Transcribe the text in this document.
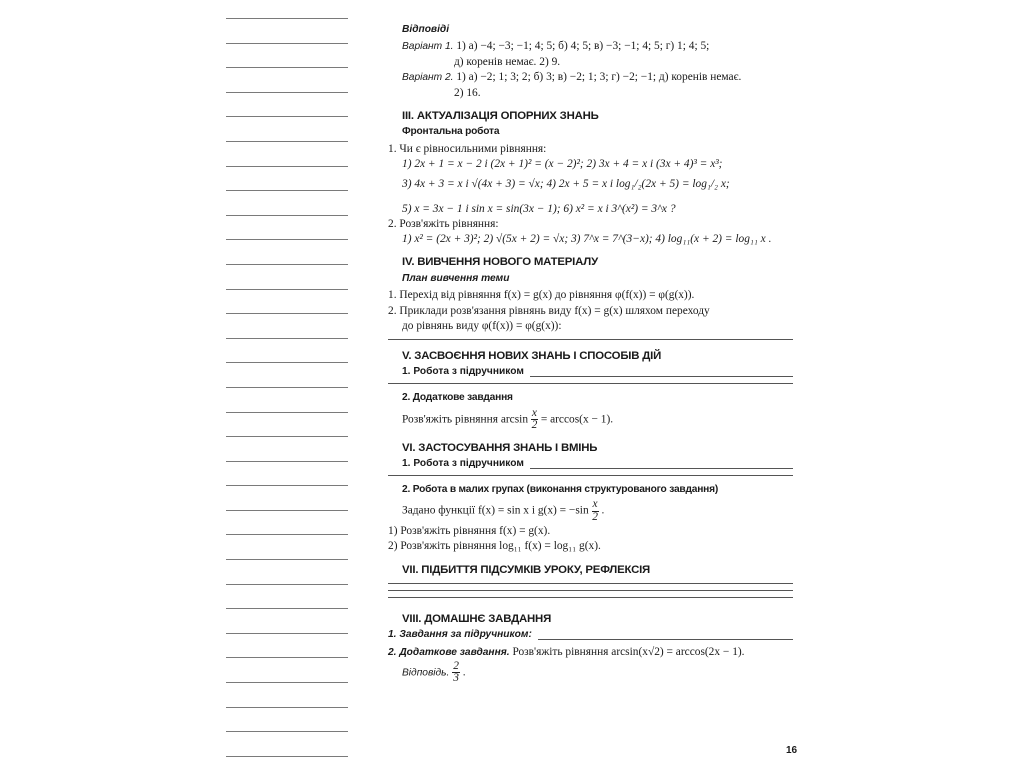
Відповіді
Варіант 1. 1) а) −4; −3; −1; 4; 5; б) 4; 5; в) −3; −1; 4; 5; г) 1; 4; 5;
д) коренів немає. 2) 9.
Варіант 2. 1) а) −2; 1; 3; 2; б) 3; в) −2; 1; 3; г) −2; −1; д) коренів немає.
2) 16.
ІІІ. АКТУАЛІЗАЦІЯ ОПОРНИХ ЗНАНЬ
Фронтальна робота
1. Чи є рівносильними рівняння:
1) 2x + 1 = x − 2 і (2x + 1)² = (x − 2)²; 2) 3x + 4 = x і (3x + 4)³ = x³;
3) 4x + 3 = x і √(4x + 3) = √x; 4) 2x + 5 = x і log₁/₂(2x + 5) = log₁/₂ x;
5) x = 3x − 1 і sin x = sin(3x − 1); 6) x² = x і 3^(x²) = 3^x ?
2. Розв'яжіть рівняння:
1) x² = (2x + 3)²; 2) √(5x + 2) = √x; 3) 7^x = 7^(3−x); 4) log₁₁(x + 2) = log₁₁ x .
IV. ВИВЧЕННЯ НОВОГО МАТЕРІАЛУ
План вивчення теми
1. Перехід від рівняння f(x) = g(x) до рівняння φ(f(x)) = φ(g(x)).
2. Приклади розв'язання рівнянь виду f(x) = g(x) шляхом переходу
до рівнянь виду φ(f(x)) = φ(g(x)):
V. ЗАСВОЄННЯ НОВИХ ЗНАНЬ І СПОСОБІВ ДІЙ
1. Робота з підручником
2. Додаткове завдання
Розв'яжіть рівняння $\arcsin \frac{x}{2} = \arccos(x - 1)$.
VI. ЗАСТОСУВАННЯ ЗНАНЬ І ВМІНЬ
1. Робота з підручником
2. Робота в малих групах (виконання структурованого завдання)
Задано функції f(x) = sin x і $g(x) = -\sin \frac{x}{2}$ .
1) Розв'яжіть рівняння f(x) = g(x).
2) Розв'яжіть рівняння log₁₁ f(x) = log₁₁ g(x).
VII. ПІДБИТТЯ ПІДСУМКІВ УРОКУ, РЕФЛЕКСІЯ
VIII. ДОМАШНЄ ЗАВДАННЯ
1. Завдання за підручником:
2. Додаткове завдання. Розв'яжіть рівняння arcsin(x√2) = arccos(2x − 1).
Відповідь. $\frac{2}{3}$ .
16
